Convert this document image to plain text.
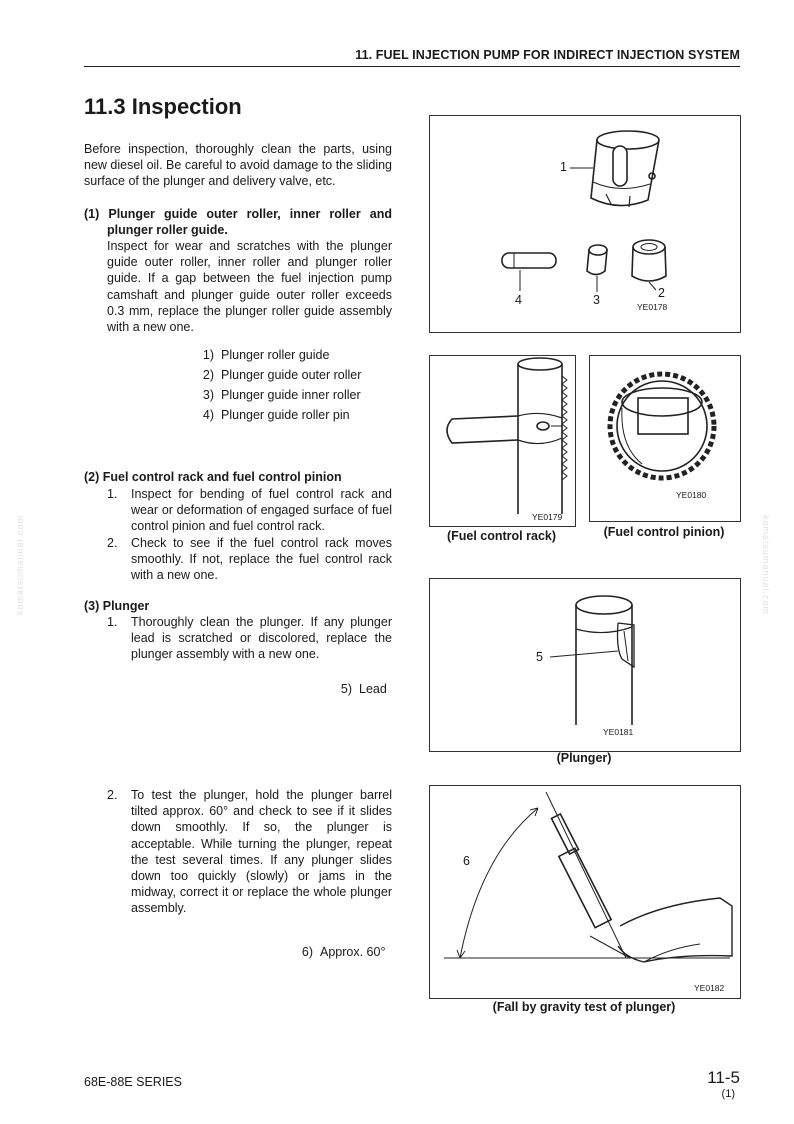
11. FUEL INJECTION PUMP FOR INDIRECT INJECTION SYSTEM
11.3 Inspection
Before inspection, thoroughly clean the parts, using new diesel oil. Be careful to avoid damage to the sliding surface of the plunger and delivery valve, etc.
(1) Plunger guide outer roller, inner roller and
plunger roller guide.
Inspect for wear and scratches with the plunger guide outer roller, inner roller and plunger roller guide. If a gap between the fuel injection pump camshaft and plunger guide outer roller exceeds 0.3 mm, replace the plunger roller guide assembly with a new one.
1) Plunger roller guide
2) Plunger guide outer roller
3) Plunger guide inner roller
4) Plunger guide roller pin
(2) Fuel control rack and fuel control pinion
1.	Inspect for bending of fuel control rack and wear or deformation of engaged surface of fuel control pinion and fuel control rack.
2.	Check to see if the fuel control rack moves smoothly. If not, replace the fuel control rack with a new one.
(3) Plunger
1.	Thoroughly clean the plunger. If any plunger lead is scratched or discolored, replace the plunger assembly with a new one.
5) Lead
2.	To test the plunger, hold the plunger barrel tilted approx. 60° and check to see if it slides down smoothly. If so, the plunger is acceptable. While turning the plunger, repeat the test several times. If any plunger slides down too quickly (slowly) or jams in the midway, correct it or replace the whole plunger assembly.
6) Approx. 60°
1
2
3
4	YE0178
YE0179
(Fuel control rack)
YE0180
(Fuel control pinion)
5
YE0181
(Plunger)
6
YE0182
(Fall by gravity test of plunger)
komatsumanual.com	komatsumanual.com
68E-88E SERIES	11-5
(1)
